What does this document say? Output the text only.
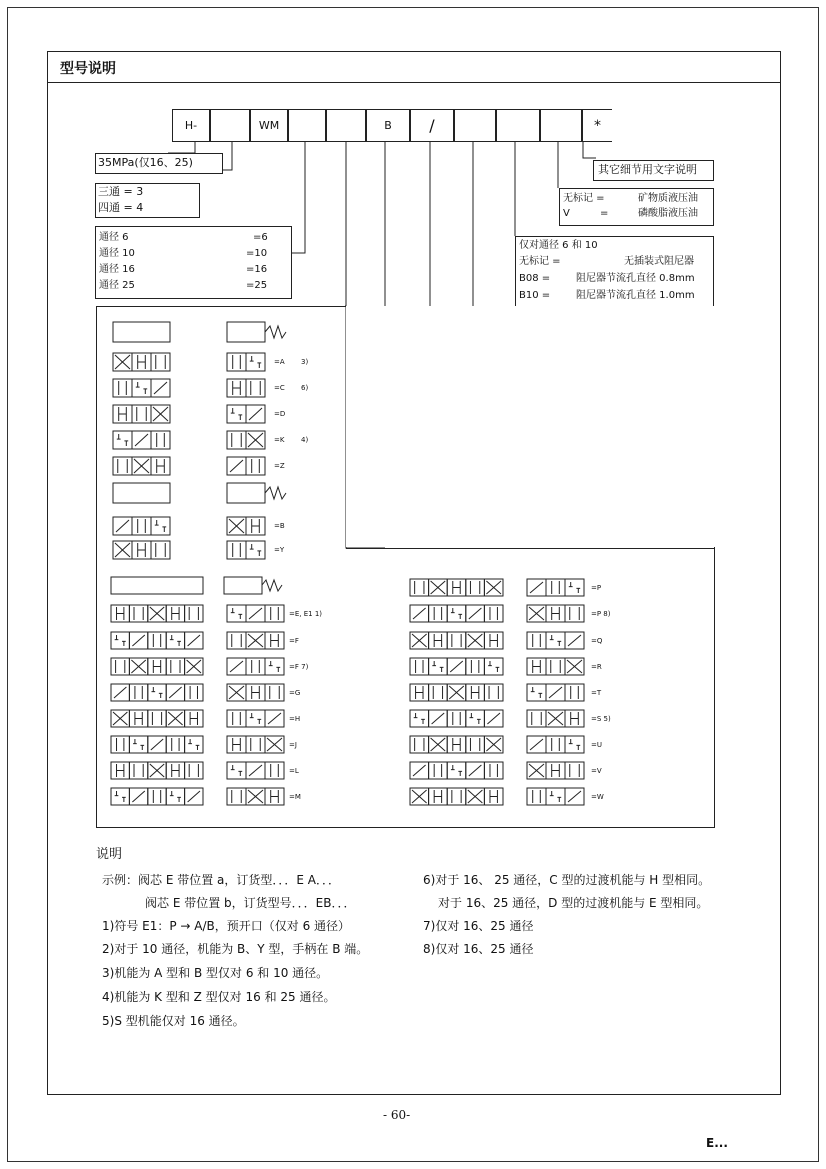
型号说明
H-	WM	B	/	*
35MPa(仅16、25)
三通 = 3
四通 = 4
通径 6	=6
通径 10	=10
通径 16	=16
通径 25	=25
其它细节用文字说明
无标记 =	矿物质液压油
V	=	磷酸脂液压油
仅对通径 6 和 10
无标记 =	无插装式阻尼器
B08 =	阻尼器节流孔直径 0.8mm
B10 =	阻尼器节流孔直径 1.0mm
=A 3)
=C 6)
=D
=K 4)
=Z
=B
=Y
=E, E1 1)
=F
=F 7)
=G
=H
=J
=L
=M
=P
=P 8)
=Q
=R
=T
=S 5)
=U
=V
=W
说明
示例：阀芯 E 带位置 a，订货型．．．E A．．．
阀芯 E 带位置 b，订货型号．．．EB．．．
1)符号 E1：P → A/B，预开口（仅对 6 通径）
2)对于 10 通径，机能为 B、Y 型，手柄在 B 端。
3)机能为 A 型和 B 型仅对 6 和 10 通径。
4)机能为 K 型和 Z 型仅对 16 和 25 通径。
5)S 型机能仅对 16 通径。
6)对于 16、 25 通径，C 型的过渡机能与 H 型相同。
对于 16、25 通径，D 型的过渡机能与 E 型相同。
7)仅对 16、25 通径
8)仅对 16、25 通径
- 60-
E...
